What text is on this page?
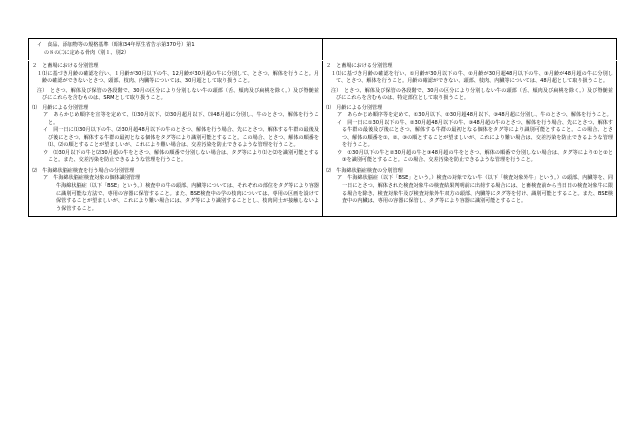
イ　食品、添加物等の規格基準（昭和34年厚生省告示第370号）第1

の８の㈡に定める骨肉（別１、別2）

２　と畜場における分別管理

１⑴に基づき月齢の確認を行い、１月齢が30月以下の牛、12月齢が30月超の牛に分別して、とさつ、解体を行うこと。月齢の確認ができないとさつ、頭部、枝肉、内臓等については、30月超として取り扱うこと。

注）　とさつ、解体及び保管の各段階で、30月の区分により分別しない牛の頭部（舌、頬肉及び扁桃を除く。）及び脊髄並びにこれらを含むものは、SRMとして取り扱うこと。

⑴　月齢による分別管理

ア　あらかじめ順序を宣等を定めて、⑴30月以下、⑵30月超月以下、⑶48月超に分別し、牛のとさつ、解体を行うこと。

イ　同一日に⑴30月以下の牛、⑵30月超48月以下の牛のとさつ、解体を行う場合、先にとさつ、解体する牛群の最後及び後にとさつ、解体する牛群の最初となる個体をタグ等により識別可能とすること。この場合、とさつ、解体の順番を⑴、⑵の順とすることが望ましいが、これにより難い場合は、交差汚染を防止できるような管理を行うこと。

ウ　⑴30月以下の牛と⑵30月超の牛をとさつ、解体の順番で分別しない場合は、タグ等により⑴と⑵を識別可能とすること。また、交差汚染を防止できるような管理を行うこと。

⑵　牛海綿状脳症検査を行う場合の分別管理

ア　牛海綿状脳症検査対象の個体識別管理

牛海綿状脳症（以下「BSE」という。）検査中の牛の頭部、内臓等については、それぞれの部位をタグ等により容器に識別可能な方法で、専用の容器に保管すること。また、BSE検査中の学の枝肉については、専用の区画を設けて保管することが望ましいが、これにより難い場合には、タグ等により識別することとし、枝肉同士が接触しないよう保管すること。

２　と畜場における分別管理

１⑴に基づき月齢の確認を行い、①月齢が30月以下の牛、②月齢が30月超48月以下の牛、③月齢が48月超の牛に分別して、とさつ、解体を行うこと。月齢の確認ができない、頭部、枝肉、内臓等については、48月超として取り扱うこと。

注）　とさつ、解体及び保管の各段階で、30月の区分により分別しない牛の頭部（舌、頬肉及び扁桃を除く。）及び脊髄並びにこれらを含むものは、特定部位として取り扱うこと。

⑴　月齢による分別管理

ア　あらかじめ順序等を定めて、①30月以下、②30月超48月以下、③48月超に分別し、牛のとさつ、解体を行うこと。

イ　同一日に①30月以下の牛、②30月超48月以下の牛、③48月超の牛のとさつ、解体を行う場合、先にとさつ、解体する牛群の最後及び後にとさつ、解体する牛群の最初となる個体をタグ等により識別可能とすること。この場合、とさつ、解体の順番を①、②、③の順とすることが望ましいが、これにより難い場合は、交差汚染を防止できるような管理を行うこと。

ウ　①30月以下の牛と②30月超の牛と③48月超の牛をとさつ、解体の順番で分別しない場合は、タグ等により①と②と③を識別可能とすること。この場合、交差汚染を防止できるような管理を行うこと。

⑵　牛海綿状脳症検査の分別管理

ア　牛海綿状脳症（以下「BSE」という。）検査の対象でない牛（以下「検査対象外牛」という。）の頭部、内臓等を、同一日にとさつ、解体された検査対象牛の検査結果判明前に出荷する場合には、と畜検査前から当日日の検査対象牛に限る場合を除き、検査対象牛及び検査対象外牛双方の頭部、内臓等にタグ等を付け、識別可能とすること。また、BSE検査中の内臓は、専用の容器に保管し、タグ等により容器に識別可能とすること。
